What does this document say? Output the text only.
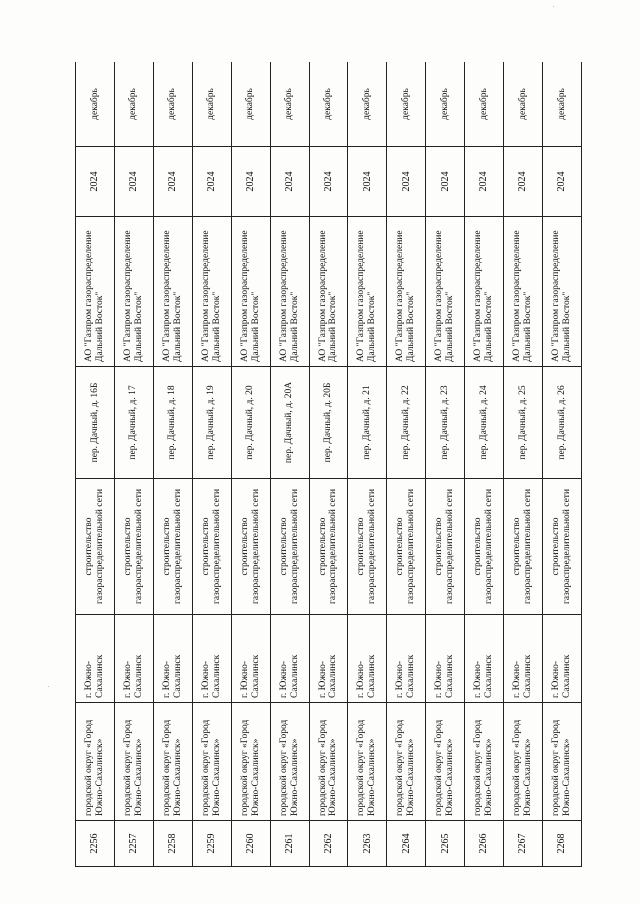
2256	городской округ «Город Южно-Сахалинск»	г. Южно-Сахалинск	строительство газораспределительной сети	пер. Дачный, д. 16Б	АО "Газпром газораспределение Дальний Восток"	2024	декабрь
2257	городской округ «Город Южно-Сахалинск»	г. Южно-Сахалинск	строительство газораспределительной сети	пер. Дачный, д. 17	АО "Газпром газораспределение Дальний Восток"	2024	декабрь
2258	городской округ «Город Южно-Сахалинск»	г. Южно-Сахалинск	строительство газораспределительной сети	пер. Дачный, д. 18	АО "Газпром газораспределение Дальний Восток"	2024	декабрь
2259	городской округ «Город Южно-Сахалинск»	г. Южно-Сахалинск	строительство газораспределительной сети	пер. Дачный, д. 19	АО "Газпром газораспределение Дальний Восток"	2024	декабрь
2260	городской округ «Город Южно-Сахалинск»	г. Южно-Сахалинск	строительство газораспределительной сети	пер. Дачный, д. 20	АО "Газпром газораспределение Дальний Восток"	2024	декабрь
2261	городской округ «Город Южно-Сахалинск»	г. Южно-Сахалинск	строительство газораспределительной сети	пер. Дачный, д. 20А	АО "Газпром газораспределение Дальний Восток"	2024	декабрь
2262	городской округ «Город Южно-Сахалинск»	г. Южно-Сахалинск	строительство газораспределительной сети	пер. Дачный, д. 20Б	АО "Газпром газораспределение Дальний Восток"	2024	декабрь
2263	городской округ «Город Южно-Сахалинск»	г. Южно-Сахалинск	строительство газораспределительной сети	пер. Дачный, д. 21	АО "Газпром газораспределение Дальний Восток"	2024	декабрь
2264	городской округ «Город Южно-Сахалинск»	г. Южно-Сахалинск	строительство газораспределительной сети	пер. Дачный, д. 22	АО "Газпром газораспределение Дальний Восток"	2024	декабрь
2265	городской округ «Город Южно-Сахалинск»	г. Южно-Сахалинск	строительство газораспределительной сети	пер. Дачный, д. 23	АО "Газпром газораспределение Дальний Восток"	2024	декабрь
2266	городской округ «Город Южно-Сахалинск»	г. Южно-Сахалинск	строительство газораспределительной сети	пер. Дачный, д. 24	АО "Газпром газораспределение Дальний Восток"	2024	декабрь
2267	городской округ «Город Южно-Сахалинск»	г. Южно-Сахалинск	строительство газораспределительной сети	пер. Дачный, д. 25	АО "Газпром газораспределение Дальний Восток"	2024	декабрь
2268	городской округ «Город Южно-Сахалинск»	г. Южно-Сахалинск	строительство газораспределительной сети	пер. Дачный, д. 26	АО "Газпром газораспределение Дальний Восток"	2024	декабрь
